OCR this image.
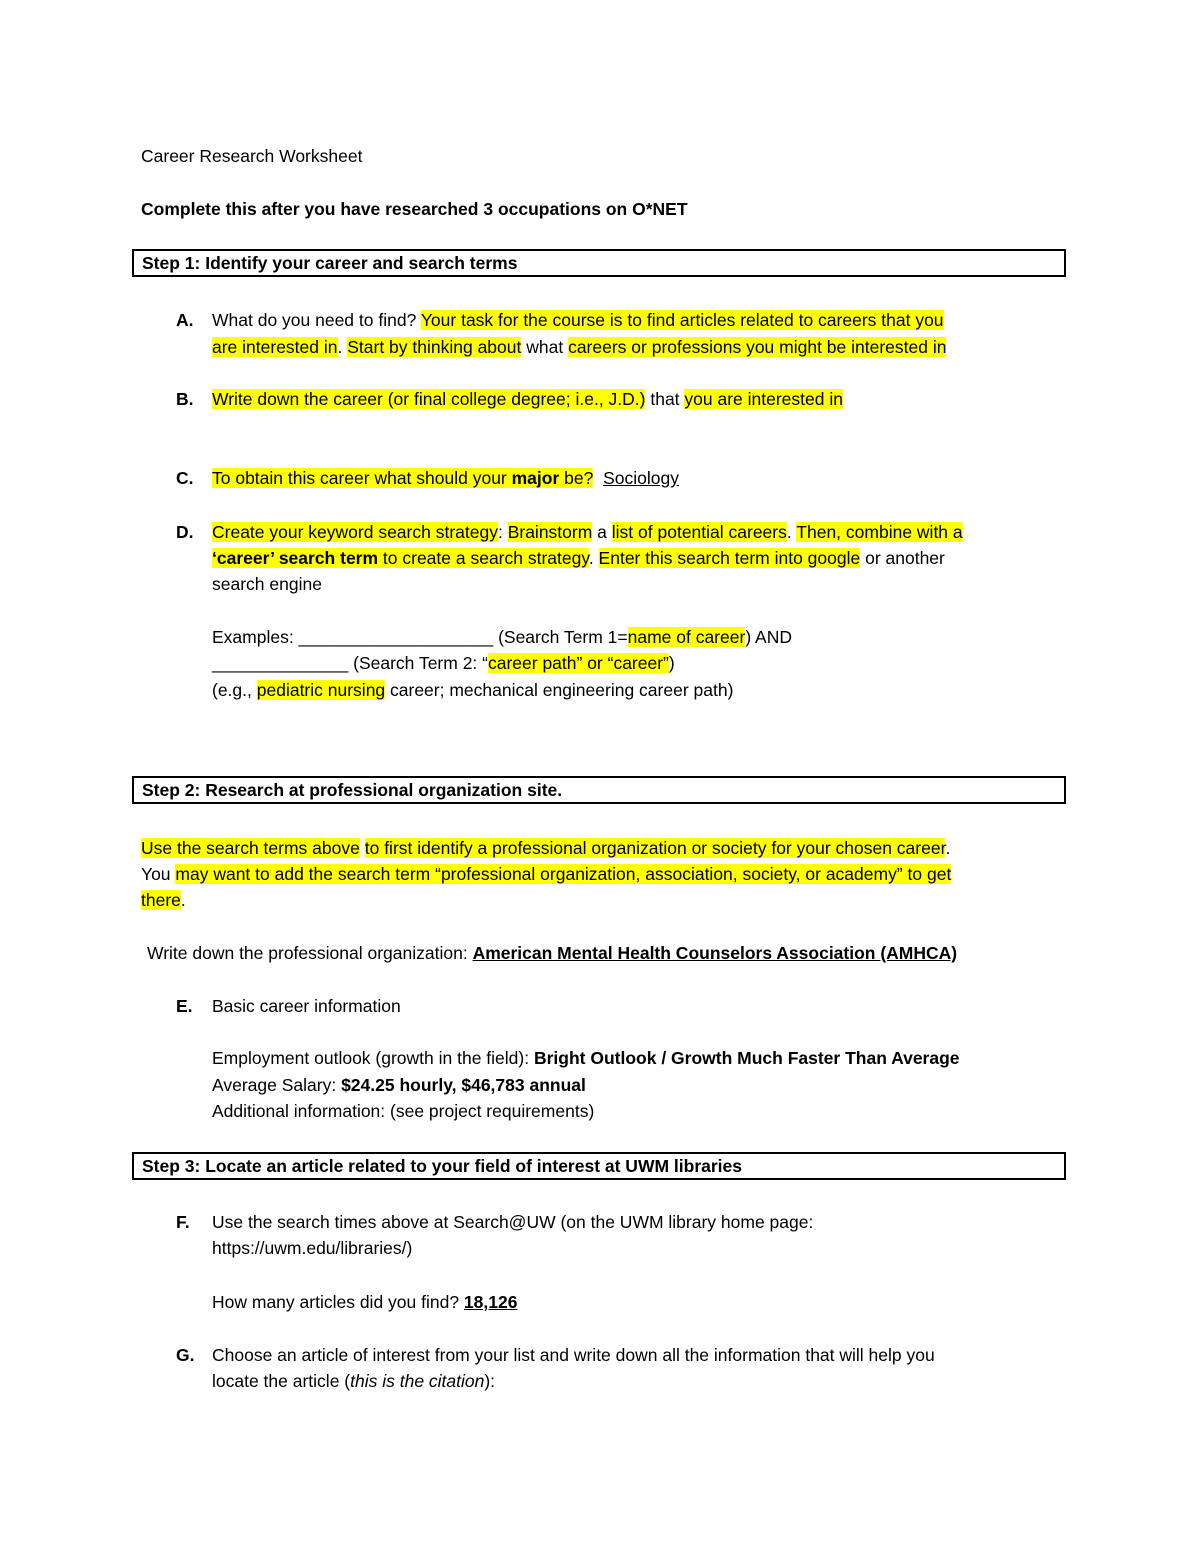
Career Research Worksheet
Complete this after you have researched 3 occupations on O*NET
Step 1: Identify your career and search terms
A. What do you need to find? Your task for the course is to find articles related to careers that you
are interested in. Start by thinking about what careers or professions you might be interested in
B. Write down the career (or final college degree; i.e., J.D.) that you are interested in
C. To obtain this career what should your major be? Sociology
D. Create your keyword search strategy: Brainstorm a list of potential careers. Then, combine with a
‘career’ search term to create a search strategy. Enter this search term into google or another
search engine
Examples: ____________________ (Search Term 1=name of career) AND
______________ (Search Term 2: “career path” or “career”)
(e.g., pediatric nursing career; mechanical engineering career path)
Step 2: Research at professional organization site.
Use the search terms above to first identify a professional organization or society for your chosen career.
You may want to add the search term “professional organization, association, society, or academy” to get
there.
Write down the professional organization: American Mental Health Counselors Association (AMHCA)
E. Basic career information
Employment outlook (growth in the field): Bright Outlook / Growth Much Faster Than Average
Average Salary: $24.25 hourly, $46,783 annual
Additional information: (see project requirements)
Step 3: Locate an article related to your field of interest at UWM libraries
F. Use the search times above at Search@UW (on the UWM library home page:
https://uwm.edu/libraries/)
How many articles did you find? 18,126
G. Choose an article of interest from your list and write down all the information that will help you
locate the article (this is the citation):
